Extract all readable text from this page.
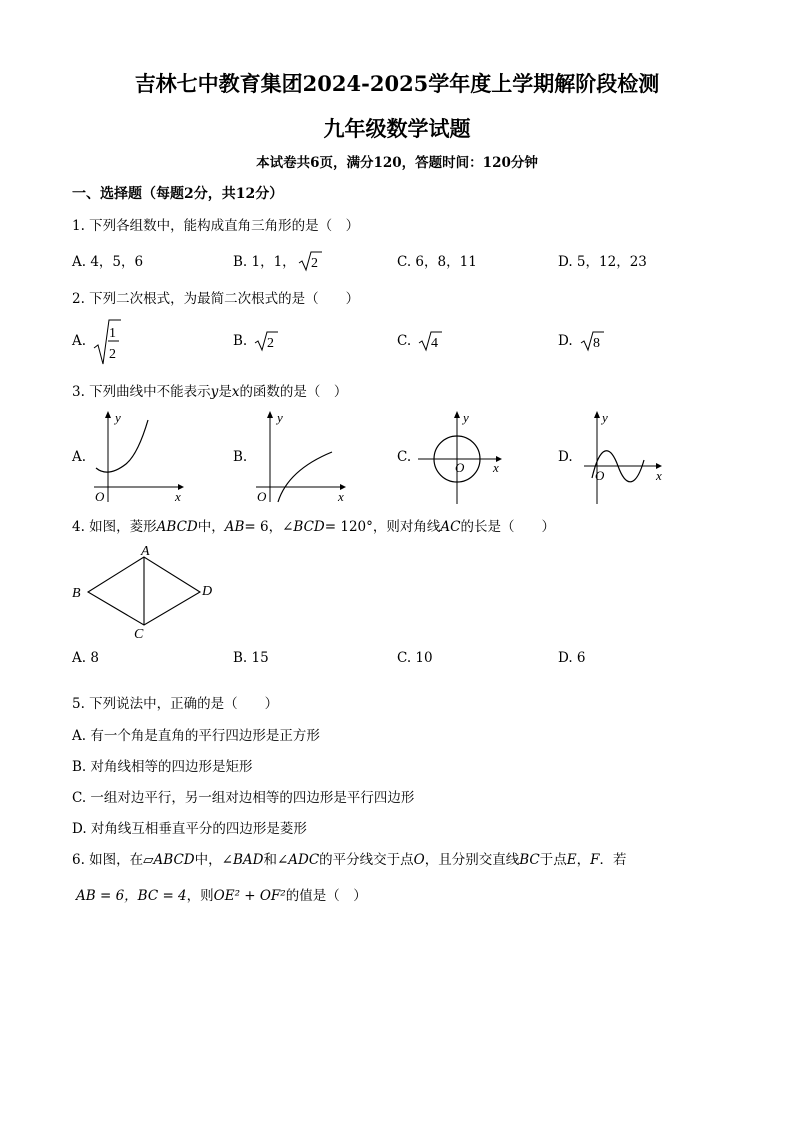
吉林七中教育集团2024-2025学年度上学期解阶段检测
九年级数学试题
本试卷共6页，满分120，答题时间：120分钟
一、选择题（每题2分，共12分）
1. 下列各组数中，能构成直角三角形的是（　）
A. 4，5，6	B. 1，1， 2	C. 6，8，11	D. 5，12，23
2. 下列二次根式，为最简二次根式的是（　　）
A. 1
2
B. 2	C. 4	D. 8
3. 下列曲线中不能表示y是x的函数的是（　）
A.
y
x
O
B.
y
x
O
C.
y
x
O
D.
y
x
O
4. 如图，菱形ABCD中，AB= 6，∠BCD= 120°，则对角线AC的长是（　　）
A
B
C
D
A. 8	B. 15	C. 10	D. 6
5. 下列说法中，正确的是（　　）
A. 有一个角是直角的平行四边形是正方形
B. 对角线相等的四边形是矩形
C. 一组对边平行，另一组对边相等的四边形是平行四边形
D. 对角线互相垂直平分的四边形是菱形
6. 如图，在▱ABCD中，∠BAD和∠ADC的平分线交于点O，且分别交直线BC于点E，F．若
AB = 6，BC = 4，则OE² + OF²的值是（　）
